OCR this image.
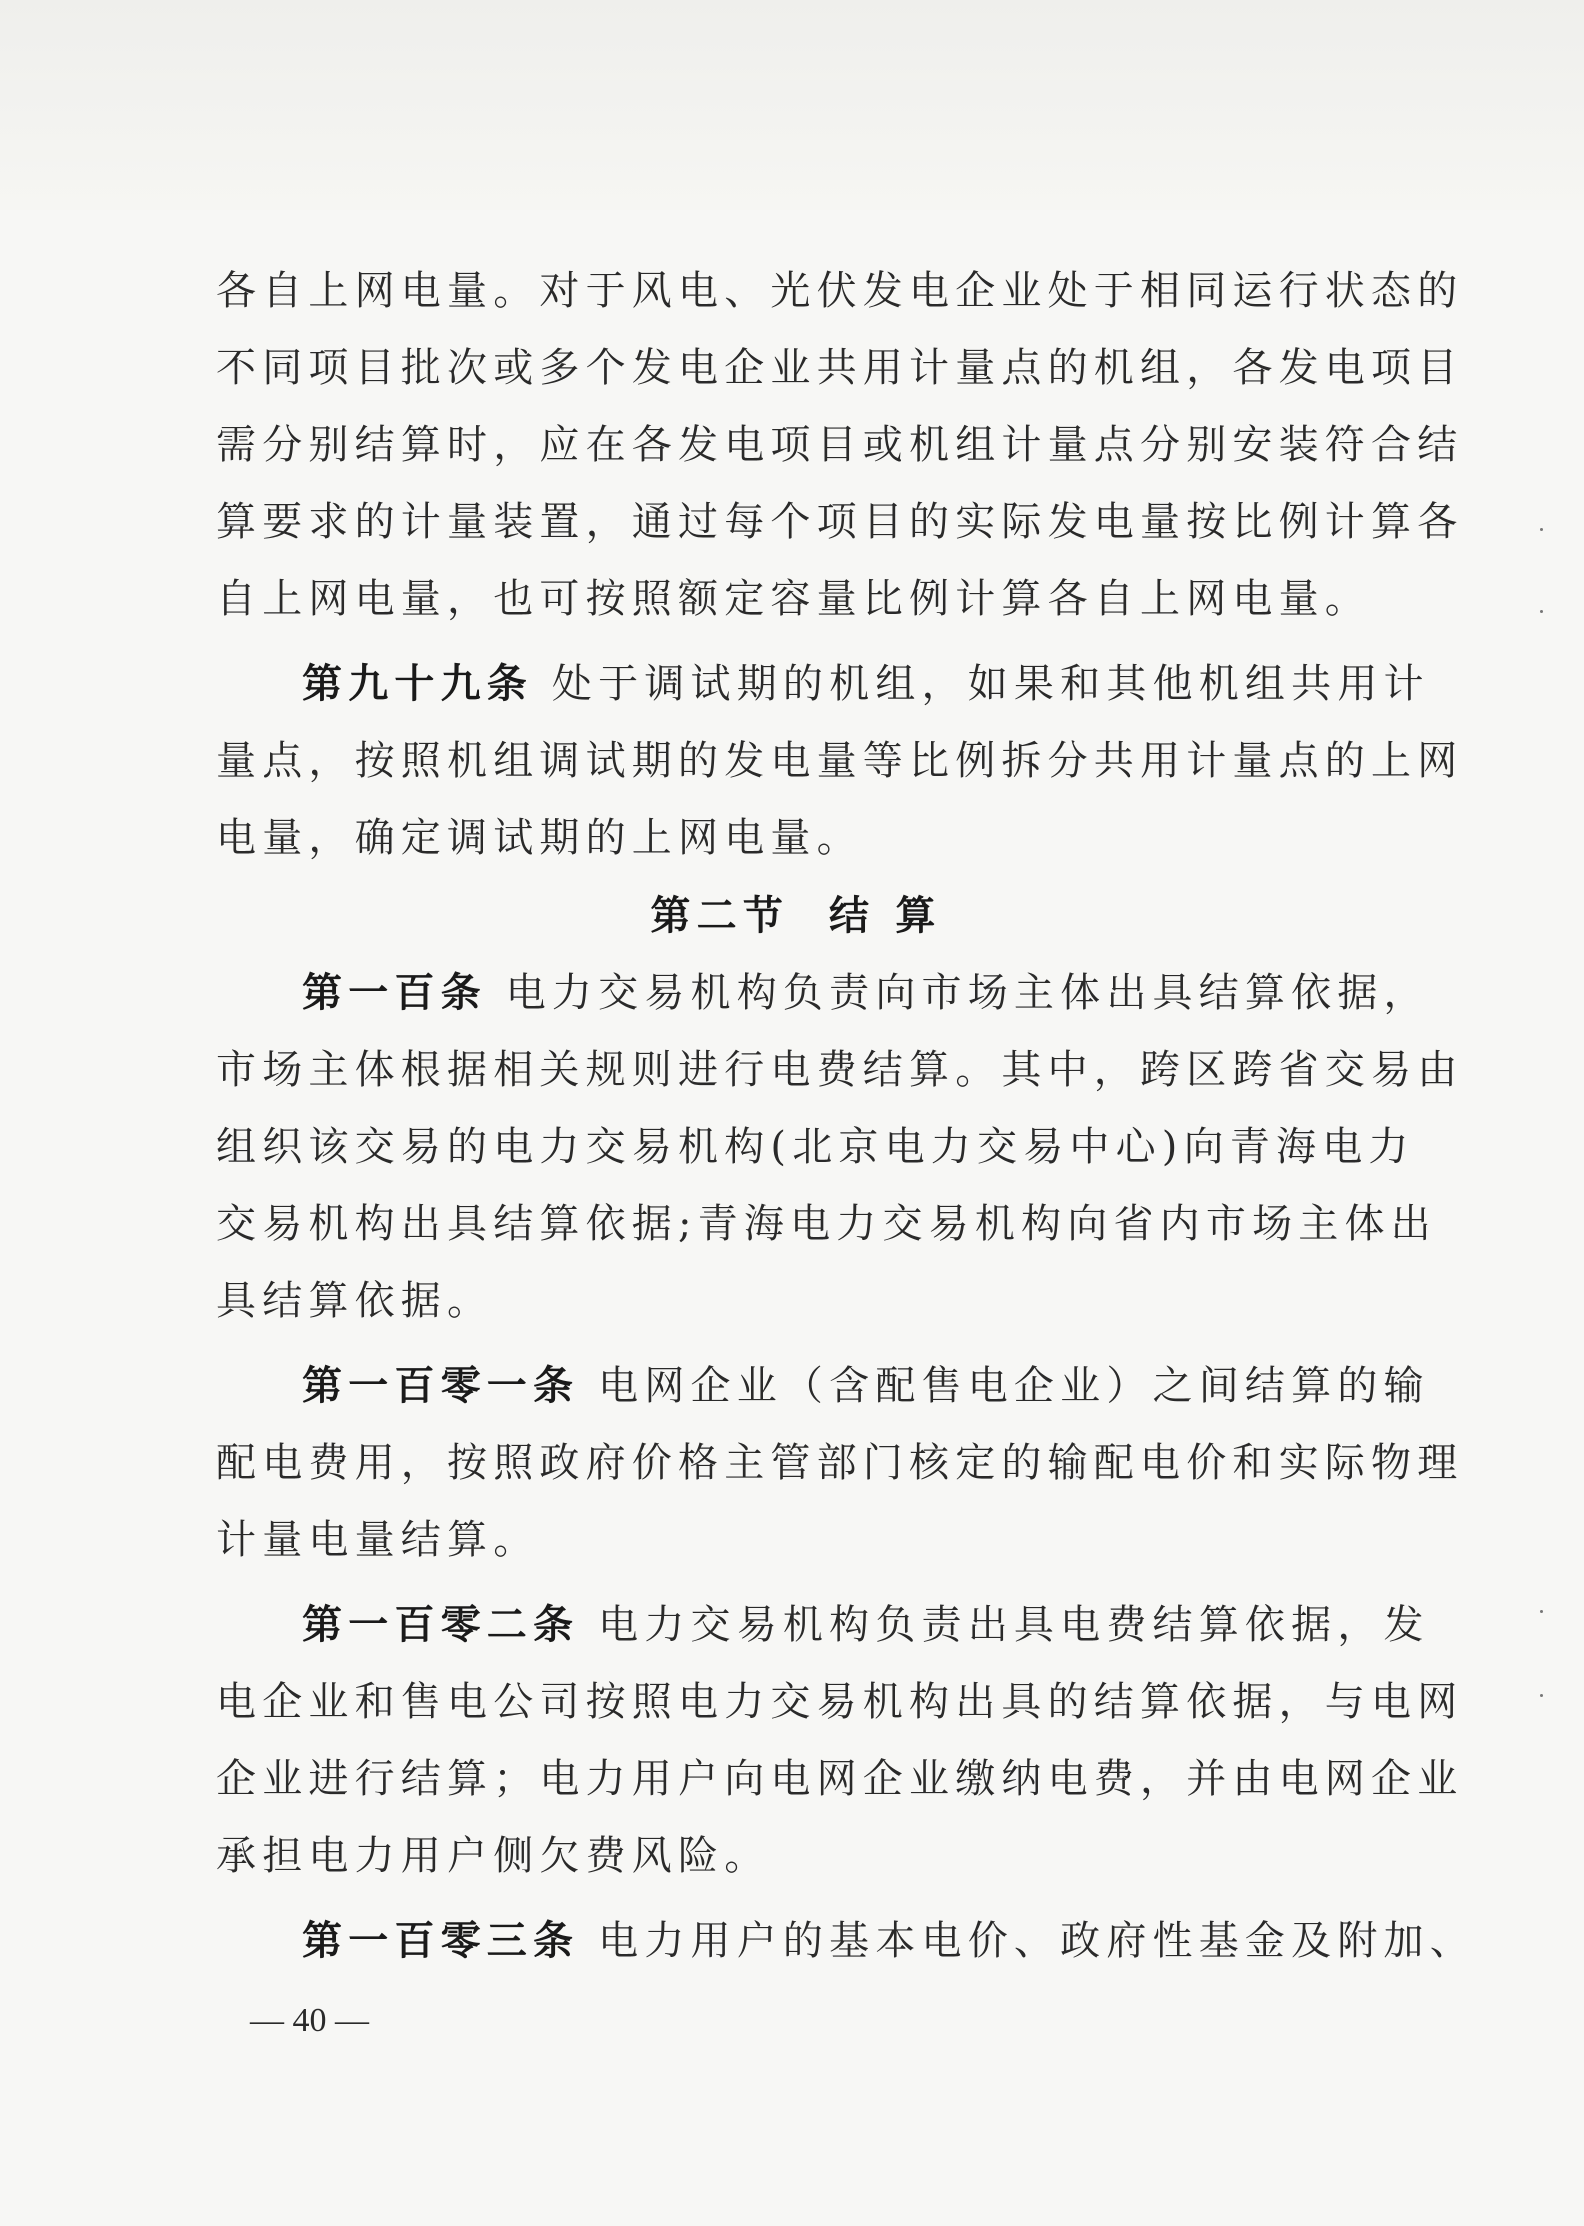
各自上网电量。对于风电、光伏发电企业处于相同运行状态的
不同项目批次或多个发电企业共用计量点的机组，各发电项目
需分别结算时，应在各发电项目或机组计量点分别安装符合结
算要求的计量装置，通过每个项目的实际发电量按比例计算各
自上网电量，也可按照额定容量比例计算各自上网电量。

第九十九条 处于调试期的机组，如果和其他机组共用计
量点，按照机组调试期的发电量等比例拆分共用计量点的上网
电量，确定调试期的上网电量。

第二节 结 算

第一百条 电力交易机构负责向市场主体出具结算依据，
市场主体根据相关规则进行电费结算。其中，跨区跨省交易由
组织该交易的电力交易机构(北京电力交易中心)向青海电力
交易机构出具结算依据;青海电力交易机构向省内市场主体出
具结算依据。

第一百零一条 电网企业（含配售电企业）之间结算的输
配电费用，按照政府价格主管部门核定的输配电价和实际物理
计量电量结算。

第一百零二条 电力交易机构负责出具电费结算依据，发
电企业和售电公司按照电力交易机构出具的结算依据，与电网
企业进行结算；电力用户向电网企业缴纳电费，并由电网企业
承担电力用户侧欠费风险。

第一百零三条 电力用户的基本电价、政府性基金及附加、

— 40 —
